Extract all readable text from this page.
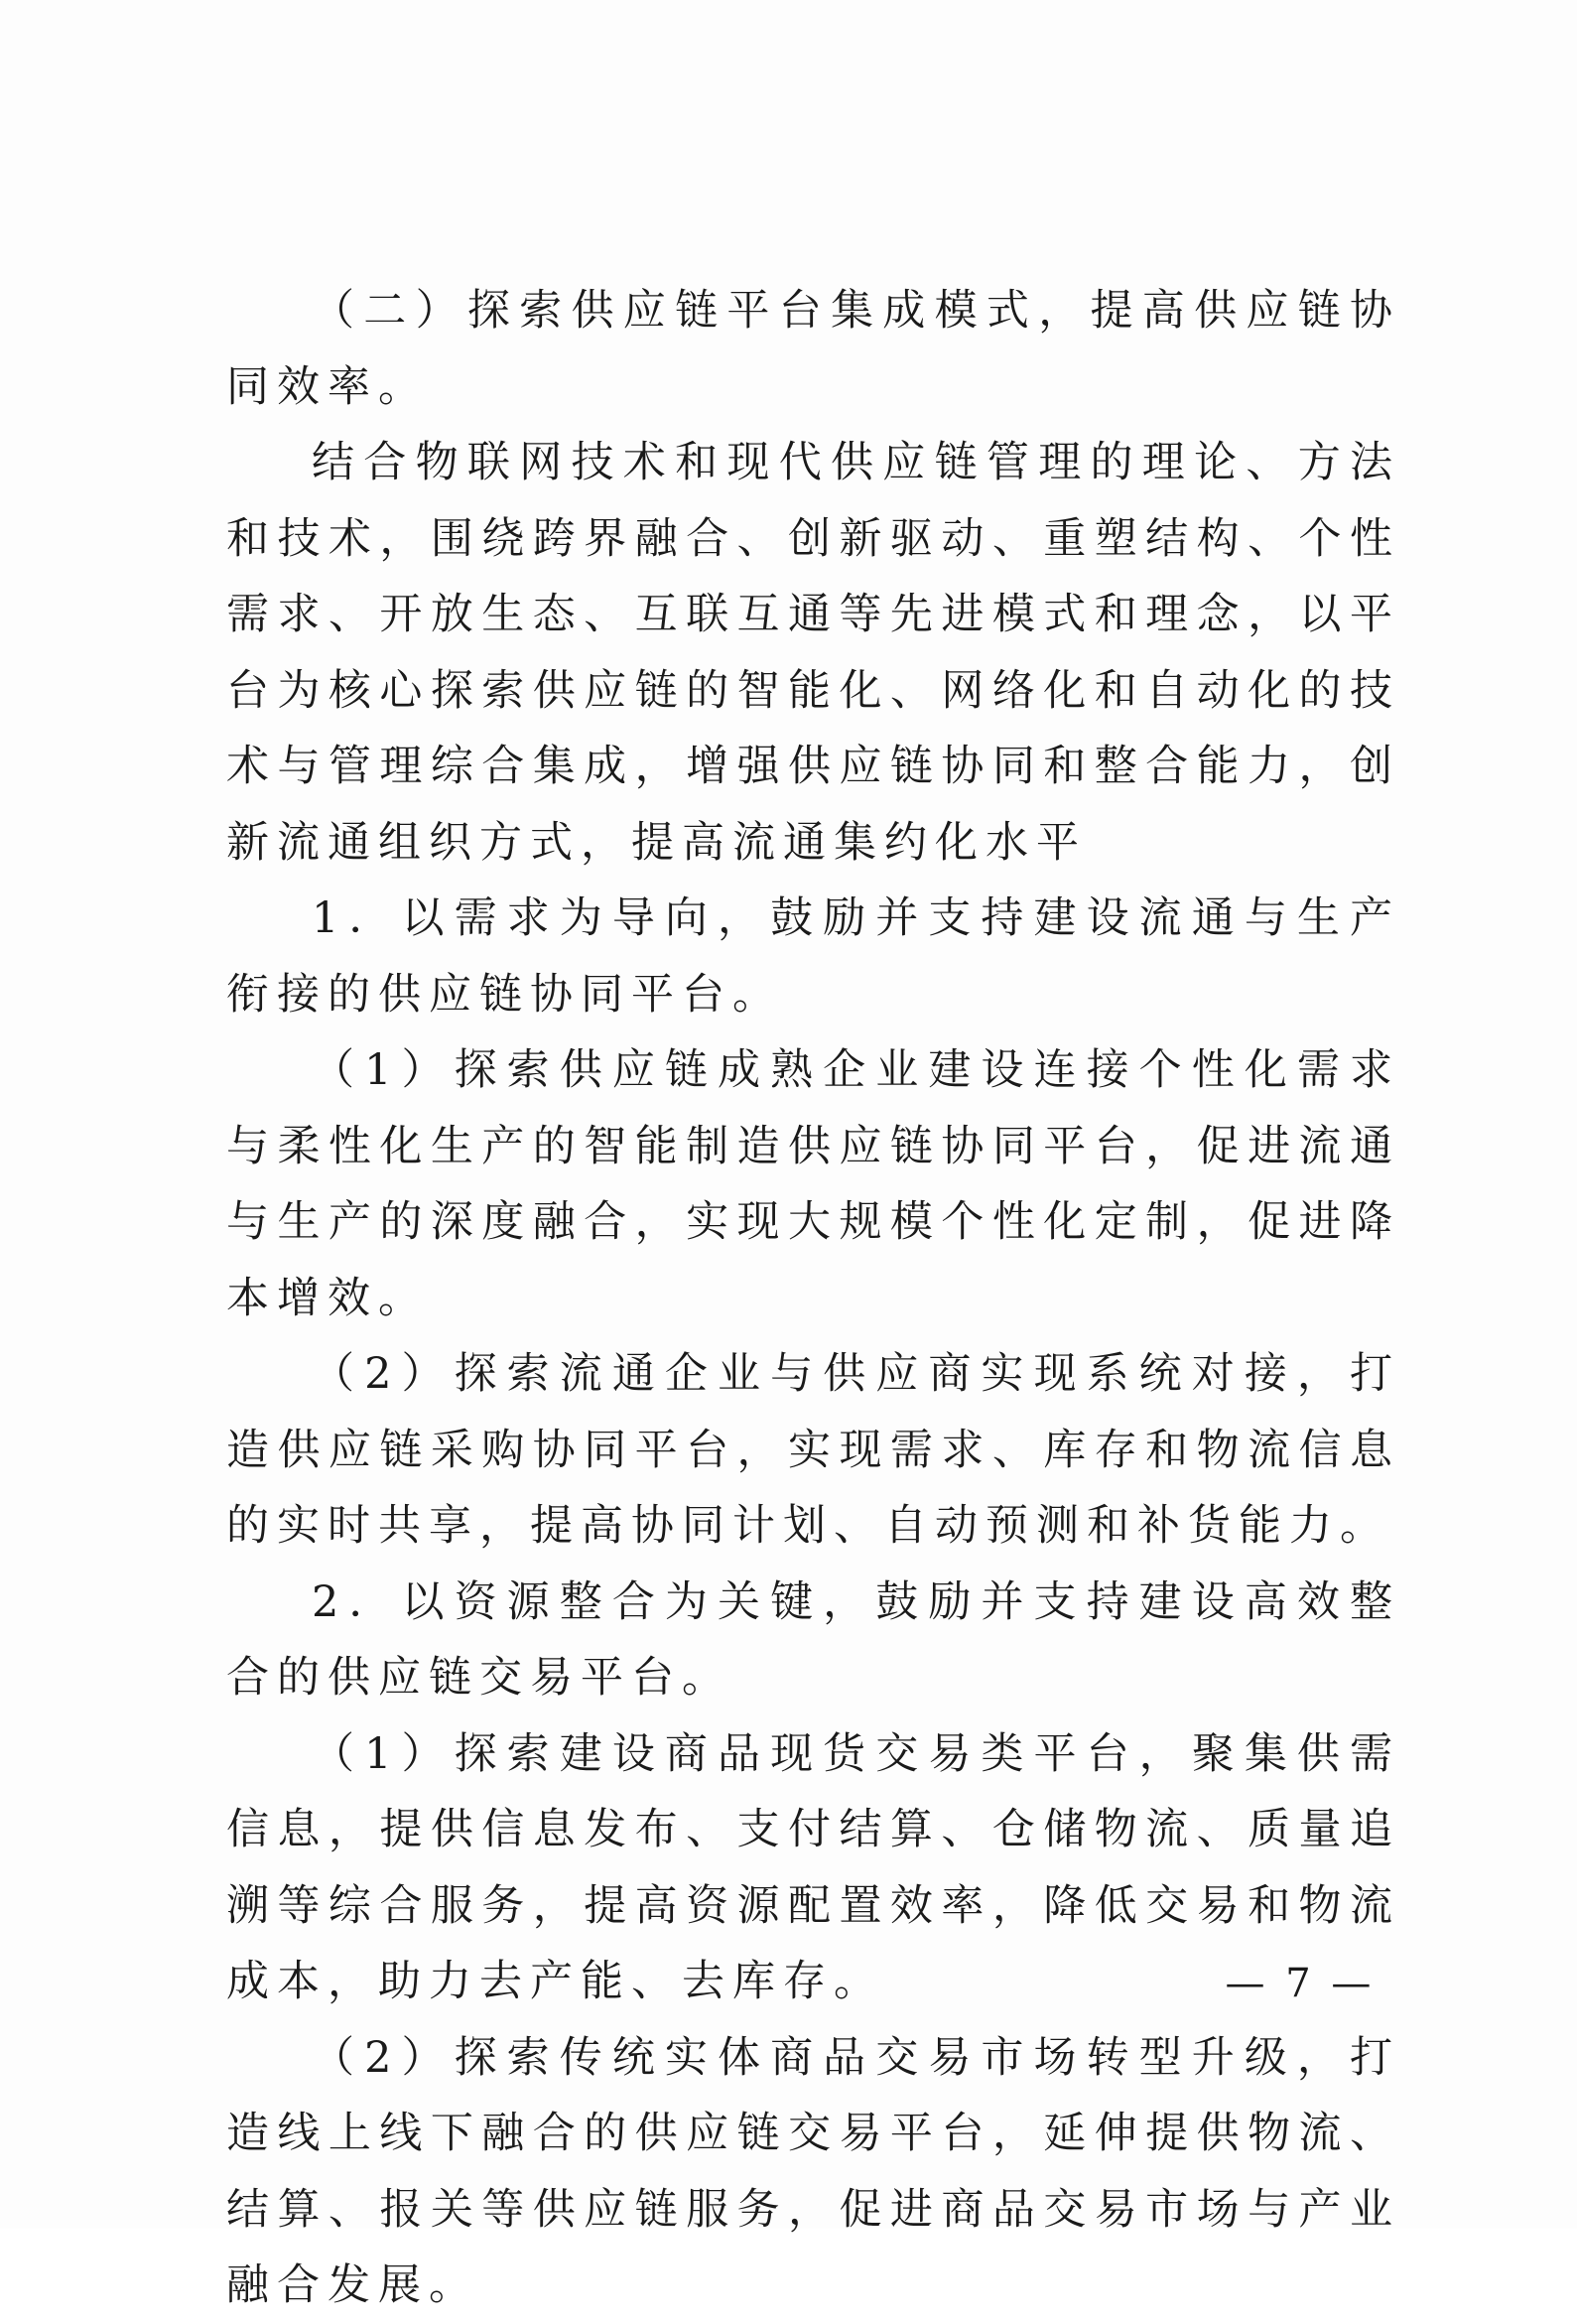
（二）探索供应链平台集成模式，提高供应链协同效率。

结合物联网技术和现代供应链管理的理论、方法和技术，围绕跨界融合、创新驱动、重塑结构、个性需求、开放生态、互联互通等先进模式和理念，以平台为核心探索供应链的智能化、网络化和自动化的技术与管理综合集成，增强供应链协同和整合能力，创新流通组织方式，提高流通集约化水平

1．以需求为导向，鼓励并支持建设流通与生产衔接的供应链协同平台。

（1）探索供应链成熟企业建设连接个性化需求与柔性化生产的智能制造供应链协同平台，促进流通与生产的深度融合，实现大规模个性化定制，促进降本增效。

（2）探索流通企业与供应商实现系统对接，打造供应链采购协同平台，实现需求、库存和物流信息的实时共享，提高协同计划、自动预测和补货能力。

2．以资源整合为关键，鼓励并支持建设高效整合的供应链交易平台。

（1）探索建设商品现货交易类平台，聚集供需信息，提供信息发布、支付结算、仓储物流、质量追溯等综合服务，提高资源配置效率，降低交易和物流成本，助力去产能、去库存。

（2）探索传统实体商品交易市场转型升级，打造线上线下融合的供应链交易平台，延伸提供物流、结算、报关等供应链服务，促进商品交易市场与产业融合发展。

— 7 —
